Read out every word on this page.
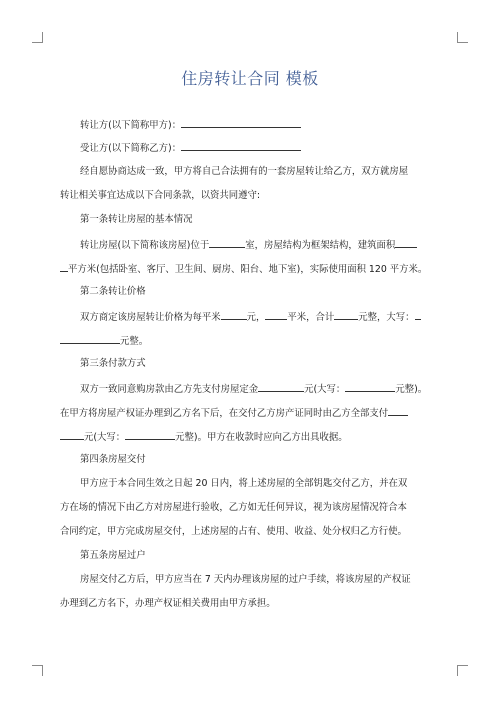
住房转让合同 模板
转让方(以下简称甲方)：
受让方(以下简称乙方)：
经自愿协商达成一致，甲方将自己合法拥有的一套房屋转让给乙方，双方就房屋
转让相关事宜达成以下合同条款，以资共同遵守:
第一条转让房屋的基本情况
转让房屋(以下简称该房屋)位于	室，房屋结构为框架结构，建筑面积
平方米(包括卧室、客厅、卫生间、厨房、阳台、地下室)，实际使用面积 120 平方米。
第二条转让价格
双方商定该房屋转让价格为每平米	元， 平米，合计	元整，大写：
元整。
第三条付款方式
双方一致同意购房款由乙方先支付房屋定金	元(大写：	元整)。
在甲方将房屋产权证办理到乙方名下后，在交付乙方房产证同时由乙方全部支付
元(大写：	元整)。甲方在收款时应向乙方出具收据。
第四条房屋交付
甲方应于本合同生效之日起 20 日内，将上述房屋的全部钥匙交付乙方，并在双
方在场的情况下由乙方对房屋进行验收，乙方如无任何异议，视为该房屋情况符合本
合同约定，甲方完成房屋交付，上述房屋的占有、使用、收益、处分权归乙方行使。
第五条房屋过户
房屋交付乙方后，甲方应当在 7 天内办理该房屋的过户手续，将该房屋的产权证
办理到乙方名下，办理产权证相关费用由甲方承担。
